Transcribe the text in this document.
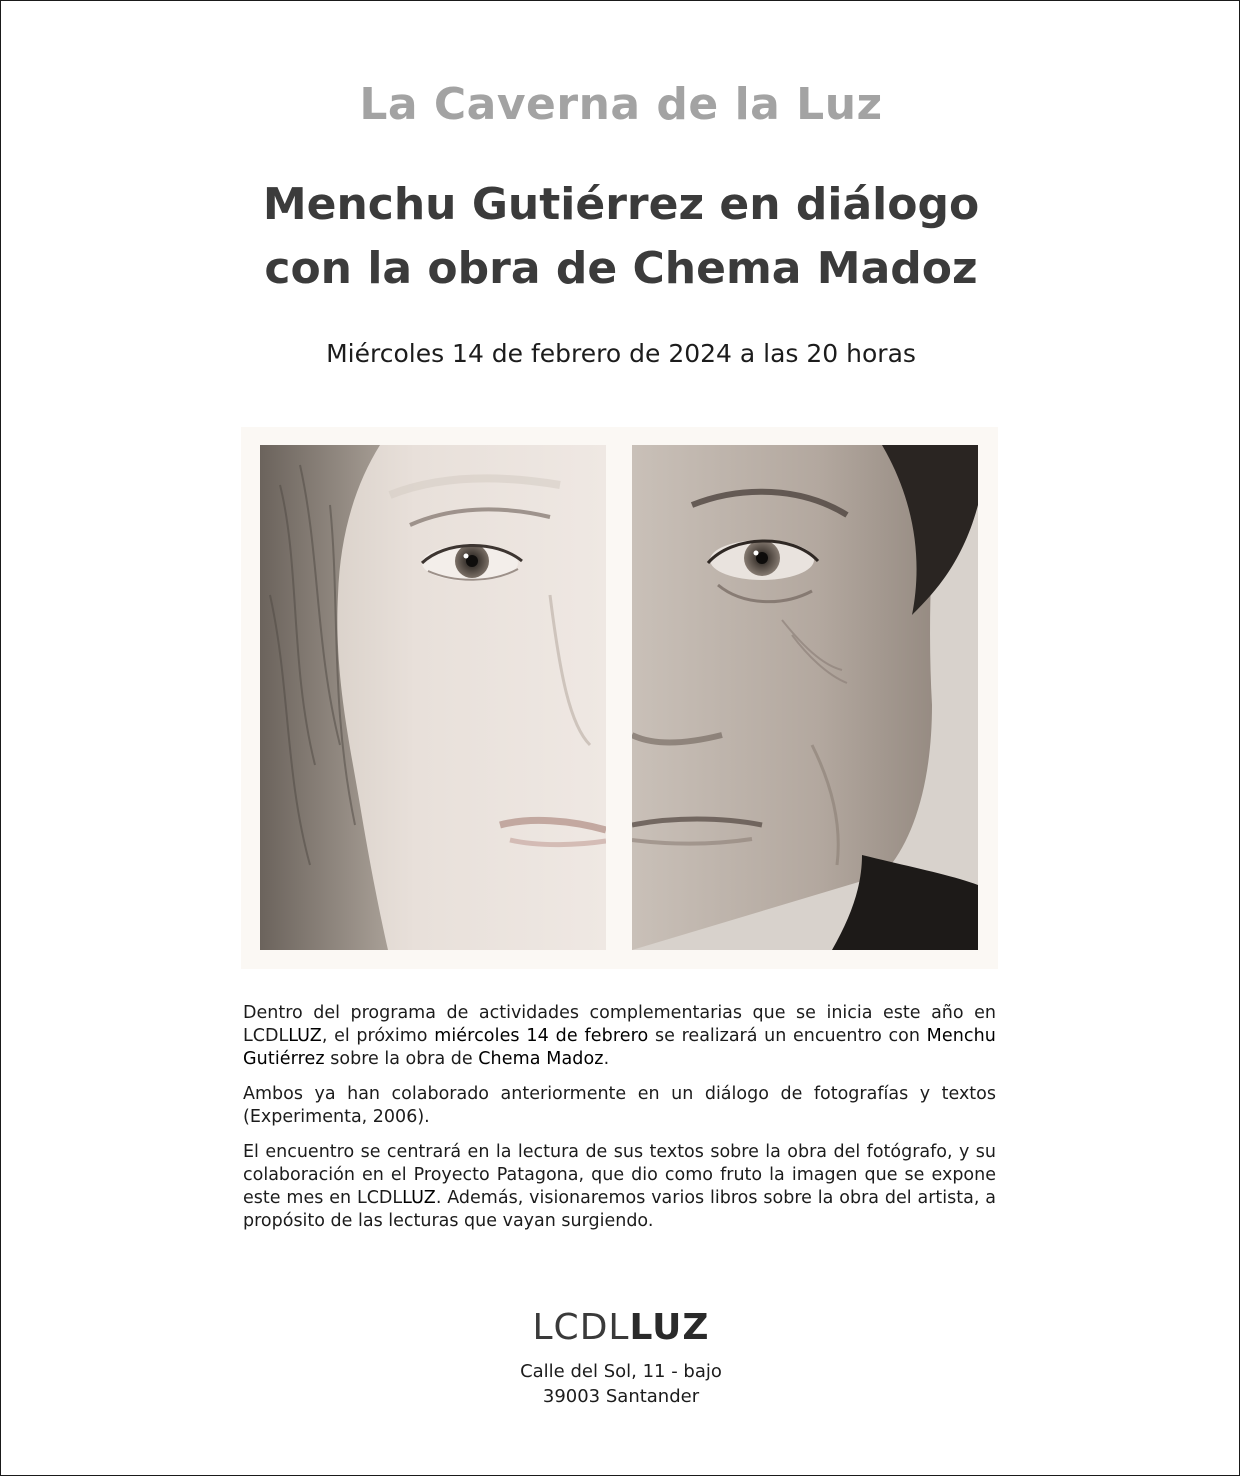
La Caverna de la Luz
Menchu Gutiérrez en diálogo
con la obra de Chema Madoz
Miércoles 14 de febrero de 2024 a las 20 horas

Dentro del programa de actividades complementarias que se inicia este año en LCDLLUZ, el próximo miércoles 14 de febrero se realizará un encuentro con Menchu Gutiérrez sobre la obra de Chema Madoz.

Ambos ya han colaborado anteriormente en un diálogo de fotografías y textos (Experimenta, 2006).

El encuentro se centrará en la lectura de sus textos sobre la obra del fotógrafo, y su colaboración en el Proyecto Patagona, que dio como fruto la imagen que se expone este mes en LCDLLUZ. Además, visionaremos varios libros sobre la obra del artista, a propósito de las lecturas que vayan surgiendo.

LCDLLUZ
Calle del Sol, 11 - bajo
39003 Santander
